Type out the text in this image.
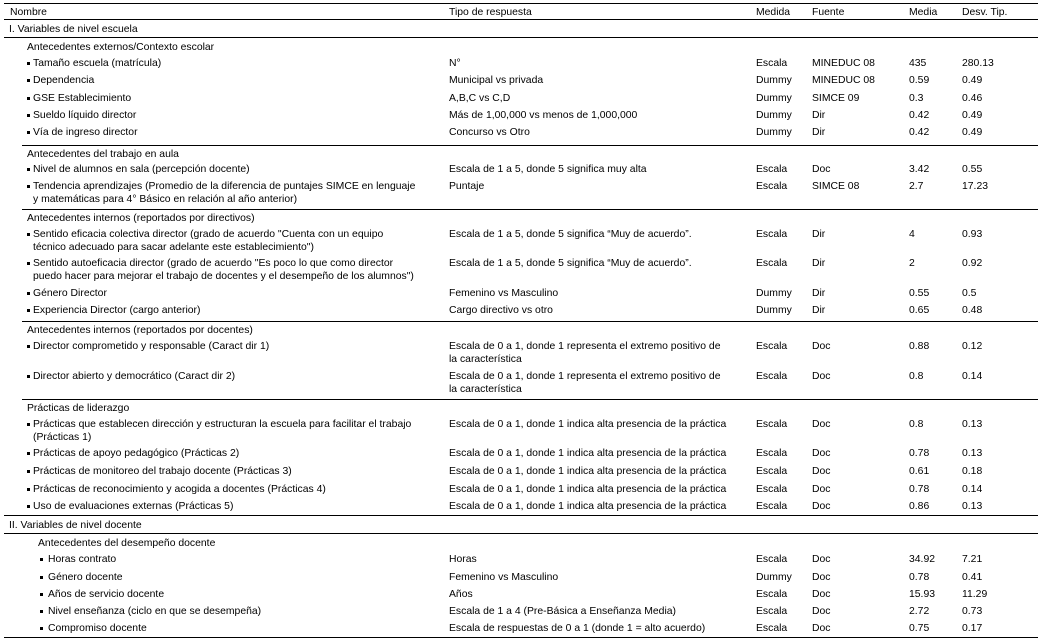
Nombre	Tipo de respuesta	Medida Fuente	Media Desv. Tip.
I. Variables de nivel escuela
Antecedentes externos/Contexto escolar
Tamaño escuela (matrícula)	N°	Escala MINEDUC 08	435	280.13
Dependencia	Municipal vs privada	Dummy MINEDUC 08	0.59	0.49
GSE Establecimiento	A,B,C vs C,D	Dummy SIMCE 09	0.3	0.46
Sueldo líquido director	Más de 1,00,000 vs menos de 1,000,000	Dummy Dir	0.42	0.49
Vía de ingreso director	Concurso vs Otro	Dummy Dir	0.42	0.49
Antecedentes del trabajo en aula
Nivel de alumnos en sala (percepción docente)	Escala de 1 a 5, donde 5 significa muy alta	Escala Doc	3.42	0.55
Tendencia aprendizajes (Promedio de la diferencia de puntajes SIMCE en lenguaje	Puntaje	Escala SIMCE 08	2.7	17.23
y matemáticas para 4° Básico en relación al año anterior)
Antecedentes internos (reportados por directivos)
Sentido eficacia colectiva director (grado de acuerdo "Cuenta con un equipo	Escala de 1 a 5, donde 5 significa “Muy de acuerdo”.	Escala Dir	4	0.93
técnico adecuado para sacar adelante este establecimiento")
Sentido autoeficacia director (grado de acuerdo "Es poco lo que como director	Escala de 1 a 5, donde 5 significa “Muy de acuerdo”.	Escala Dir	2	0.92
puedo hacer para mejorar el trabajo de docentes y el desempeño de los alumnos")
Género Director	Femenino vs Masculino	Dummy Dir	0.55	0.5
Experiencia Director (cargo anterior)	Cargo directivo vs otro	Dummy Dir	0.65	0.48
Antecedentes internos (reportados por docentes)
Director comprometido y responsable (Caract dir 1)	Escala de 0 a 1, donde 1 representa el extremo positivo de	Escala Doc	0.88	0.12
la característica
Director abierto y democrático (Caract dir 2)	Escala de 0 a 1, donde 1 representa el extremo positivo de	Escala Doc	0.8	0.14
la característica
Prácticas de liderazgo
Prácticas que establecen dirección y estructuran la escuela para facilitar el trabajo	Escala de 0 a 1, donde 1 indica alta presencia de la práctica	Escala Doc	0.8	0.13
(Prácticas 1)
Prácticas de apoyo pedagógico (Prácticas 2)	Escala de 0 a 1, donde 1 indica alta presencia de la práctica	Escala Doc	0.78	0.13
Prácticas de monitoreo del trabajo docente (Prácticas 3)	Escala de 0 a 1, donde 1 indica alta presencia de la práctica	Escala Doc	0.61	0.18
Prácticas de reconocimiento y acogida a docentes (Prácticas 4)	Escala de 0 a 1, donde 1 indica alta presencia de la práctica	Escala Doc	0.78	0.14
Uso de evaluaciones externas (Prácticas 5)	Escala de 0 a 1, donde 1 indica alta presencia de la práctica	Escala Doc	0.86	0.13
II. Variables de nivel docente
Antecedentes del desempeño docente
Horas contrato	Horas	Escala Doc	34.92	7.21
Género docente	Femenino vs Masculino	Dummy Doc	0.78	0.41
Años de servicio docente	Años	Escala Doc	15.93	11.29
Nivel enseñanza (ciclo en que se desempeña)	Escala de 1 a 4 (Pre-Básica a Enseñanza Media)	Escala Doc	2.72	0.73
Compromiso docente	Escala de respuestas de 0 a 1 (donde 1 = alto acuerdo)	Escala Doc	0.75	0.17
